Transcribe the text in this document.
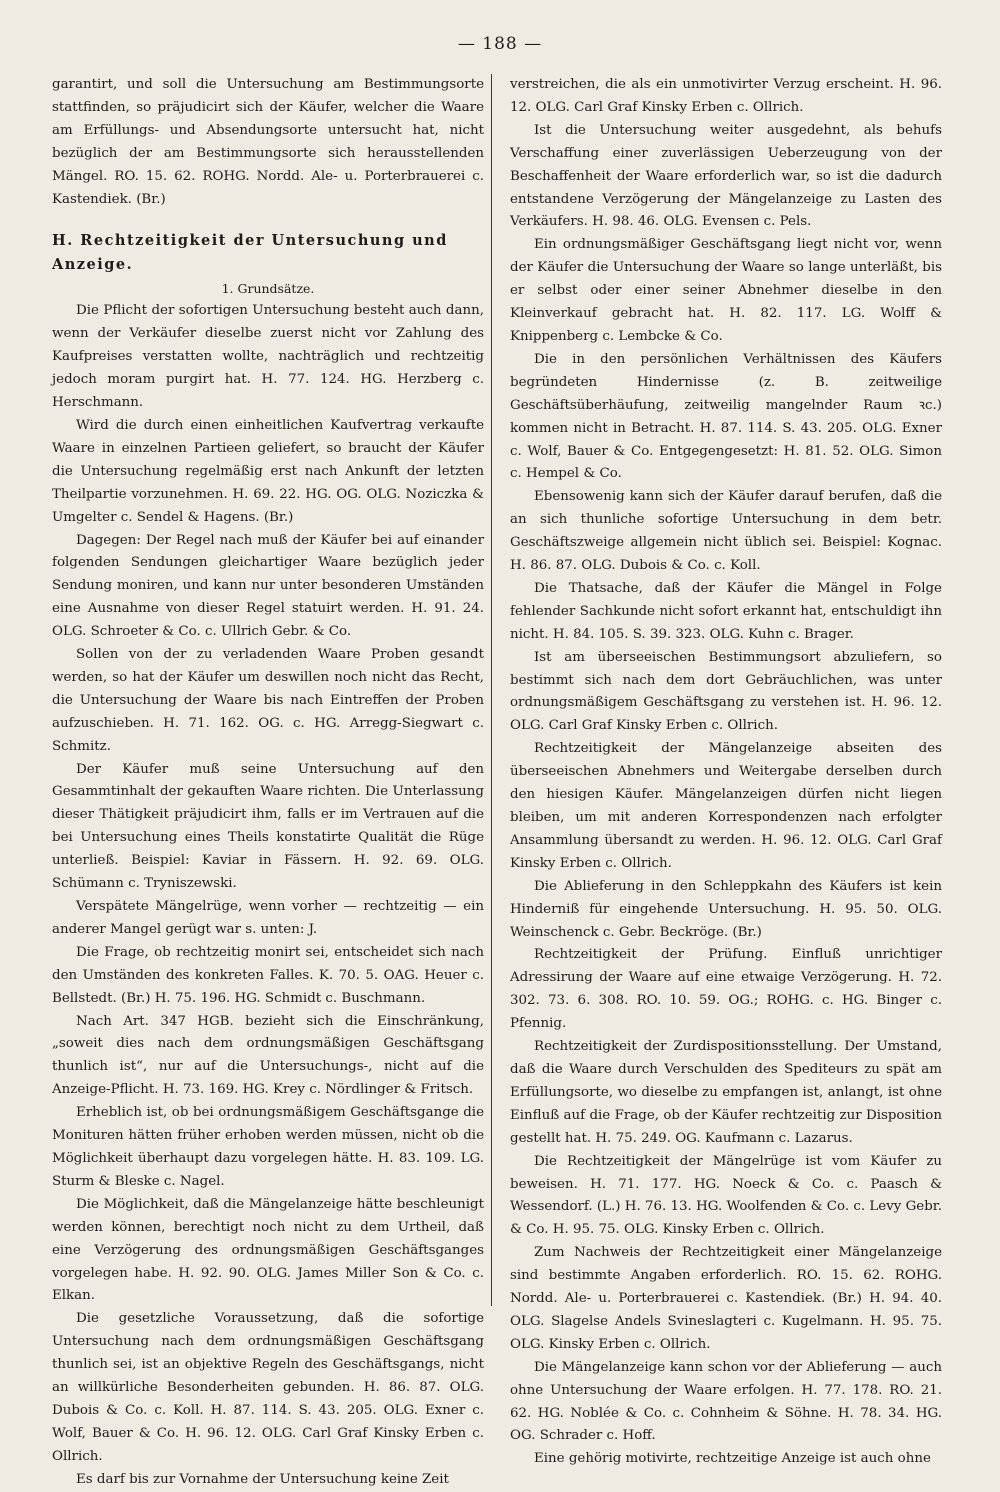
— 188 —

garantirt, und soll die Untersuchung am Bestimmungsorte stattfinden, so präjudicirt sich der Käufer, welcher die Waare am Erfüllungs- und Absendungsorte untersucht hat, nicht bezüglich der am Bestimmungsorte sich herausstellenden Mängel. RO. 15. 62. ROHG. Nordd. Ale- u. Porterbrauerei c. Kastendiek. (Br.)

H. Rechtzeitigkeit der Untersuchung und Anzeige.
1. Grundsätze.

Die Pflicht der sofortigen Untersuchung besteht auch dann, wenn der Verkäufer dieselbe zuerst nicht vor Zahlung des Kaufpreises verstatten wollte, nachträglich und rechtzeitig jedoch moram purgirt hat. H. 77. 124. HG. Herzberg c. Herschmann.

Wird die durch einen einheitlichen Kaufvertrag verkaufte Waare in einzelnen Partieen geliefert, so braucht der Käufer die Untersuchung regelmäßig erst nach Ankunft der letzten Theilpartie vorzunehmen. H. 69. 22. HG. OG. OLG. Noziczka & Umgelter c. Sendel & Hagens. (Br.)

Dagegen: Der Regel nach muß der Käufer bei auf einander folgenden Sendungen gleichartiger Waare bezüglich jeder Sendung moniren, und kann nur unter besonderen Umständen eine Ausnahme von dieser Regel statuirt werden. H. 91. 24. OLG. Schroeter & Co. c. Ullrich Gebr. & Co.

Sollen von der zu verladenden Waare Proben gesandt werden, so hat der Käufer um deswillen noch nicht das Recht, die Untersuchung der Waare bis nach Eintreffen der Proben aufzuschieben. H. 71. 162. OG. c. HG. Arregg-Siegwart c. Schmitz.

Der Käufer muß seine Untersuchung auf den Gesammtinhalt der gekauften Waare richten. Die Unterlassung dieser Thätigkeit präjudicirt ihm, falls er im Vertrauen auf die bei Untersuchung eines Theils konstatirte Qualität die Rüge unterließ. Beispiel: Kaviar in Fässern. H. 92. 69. OLG. Schümann c. Tryniszewski.

Verspätete Mängelrüge, wenn vorher — rechtzeitig — ein anderer Mangel gerügt war s. unten: J.

Die Frage, ob rechtzeitig monirt sei, entscheidet sich nach den Umständen des konkreten Falles. K. 70. 5. OAG. Heuer c. Bellstedt. (Br.) H. 75. 196. HG. Schmidt c. Buschmann.

Nach Art. 347 HGB. bezieht sich die Einschränkung, „soweit dies nach dem ordnungsmäßigen Geschäftsgang thunlich ist“, nur auf die Untersuchungs-, nicht auf die Anzeige-Pflicht. H. 73. 169. HG. Krey c. Nördlinger & Fritsch.

Erheblich ist, ob bei ordnungsmäßigem Geschäftsgange die Monituren hätten früher erhoben werden müssen, nicht ob die Möglichkeit überhaupt dazu vorgelegen hätte. H. 83. 109. LG. Sturm & Bleske c. Nagel.

Die Möglichkeit, daß die Mängelanzeige hätte beschleunigt werden können, berechtigt noch nicht zu dem Urtheil, daß eine Verzögerung des ordnungsmäßigen Geschäftsganges vorgelegen habe. H. 92. 90. OLG. James Miller Son & Co. c. Elkan.

Die gesetzliche Voraussetzung, daß die sofortige Untersuchung nach dem ordnungsmäßigen Geschäftsgang thunlich sei, ist an objektive Regeln des Geschäftsgangs, nicht an willkürliche Besonderheiten gebunden. H. 86. 87. OLG. Dubois & Co. c. Koll. H. 87. 114. S. 43. 205. OLG. Exner c. Wolf, Bauer & Co. H. 96. 12. OLG. Carl Graf Kinsky Erben c. Ollrich.

Es darf bis zur Vornahme der Untersuchung keine Zeit

verstreichen, die als ein unmotivirter Verzug erscheint. H. 96. 12. OLG. Carl Graf Kinsky Erben c. Ollrich.

Ist die Untersuchung weiter ausgedehnt, als behufs Verschaffung einer zuverlässigen Ueberzeugung von der Beschaffenheit der Waare erforderlich war, so ist die dadurch entstandene Verzögerung der Mängelanzeige zu Lasten des Verkäufers. H. 98. 46. OLG. Evensen c. Pels.

Ein ordnungsmäßiger Geschäftsgang liegt nicht vor, wenn der Käufer die Untersuchung der Waare so lange unterläßt, bis er selbst oder einer seiner Abnehmer dieselbe in den Kleinverkauf gebracht hat. H. 82. 117. LG. Wolff & Knippenberg c. Lembcke & Co.

Die in den persönlichen Verhältnissen des Käufers begründeten Hindernisse (z. B. zeitweilige Geschäftsüberhäufung, zeitweilig mangelnder Raum ꝛc.) kommen nicht in Betracht. H. 87. 114. S. 43. 205. OLG. Exner c. Wolf, Bauer & Co. Entgegengesetzt: H. 81. 52. OLG. Simon c. Hempel & Co.

Ebensowenig kann sich der Käufer darauf berufen, daß die an sich thunliche sofortige Untersuchung in dem betr. Geschäftszweige allgemein nicht üblich sei. Beispiel: Kognac. H. 86. 87. OLG. Dubois & Co. c. Koll.

Die Thatsache, daß der Käufer die Mängel in Folge fehlender Sachkunde nicht sofort erkannt hat, entschuldigt ihn nicht. H. 84. 105. S. 39. 323. OLG. Kuhn c. Brager.

Ist am überseeischen Bestimmungsort abzuliefern, so bestimmt sich nach dem dort Gebräuchlichen, was unter ordnungsmäßigem Geschäftsgang zu verstehen ist. H. 96. 12. OLG. Carl Graf Kinsky Erben c. Ollrich.

Rechtzeitigkeit der Mängelanzeige abseiten des überseeischen Abnehmers und Weitergabe derselben durch den hiesigen Käufer. Mängelanzeigen dürfen nicht liegen bleiben, um mit anderen Korrespondenzen nach erfolgter Ansammlung übersandt zu werden. H. 96. 12. OLG. Carl Graf Kinsky Erben c. Ollrich.

Die Ablieferung in den Schleppkahn des Käufers ist kein Hinderniß für eingehende Untersuchung. H. 95. 50. OLG. Weinschenck c. Gebr. Beckröge. (Br.)

Rechtzeitigkeit der Prüfung. Einfluß unrichtiger Adressirung der Waare auf eine etwaige Verzögerung. H. 72. 302. 73. 6. 308. RO. 10. 59. OG.; ROHG. c. HG. Binger c. Pfennig.

Rechtzeitigkeit der Zurdispositionsstellung. Der Umstand, daß die Waare durch Verschulden des Spediteurs zu spät am Erfüllungsorte, wo dieselbe zu empfangen ist, anlangt, ist ohne Einfluß auf die Frage, ob der Käufer rechtzeitig zur Disposition gestellt hat. H. 75. 249. OG. Kaufmann c. Lazarus.

Die Rechtzeitigkeit der Mängelrüge ist vom Käufer zu beweisen. H. 71. 177. HG. Noeck & Co. c. Paasch & Wessendorf. (L.) H. 76. 13. HG. Woolfenden & Co. c. Levy Gebr. & Co. H. 95. 75. OLG. Kinsky Erben c. Ollrich.

Zum Nachweis der Rechtzeitigkeit einer Mängelanzeige sind bestimmte Angaben erforderlich. RO. 15. 62. ROHG. Nordd. Ale- u. Porterbrauerei c. Kastendiek. (Br.) H. 94. 40. OLG. Slagelse Andels Svineslagteri c. Kugelmann. H. 95. 75. OLG. Kinsky Erben c. Ollrich.

Die Mängelanzeige kann schon vor der Ablieferung — auch ohne Untersuchung der Waare erfolgen. H. 77. 178. RO. 21. 62. HG. Noblée & Co. c. Cohnheim & Söhne. H. 78. 34. HG. OG. Schrader c. Hoff.

Eine gehörig motivirte, rechtzeitige Anzeige ist auch ohne
